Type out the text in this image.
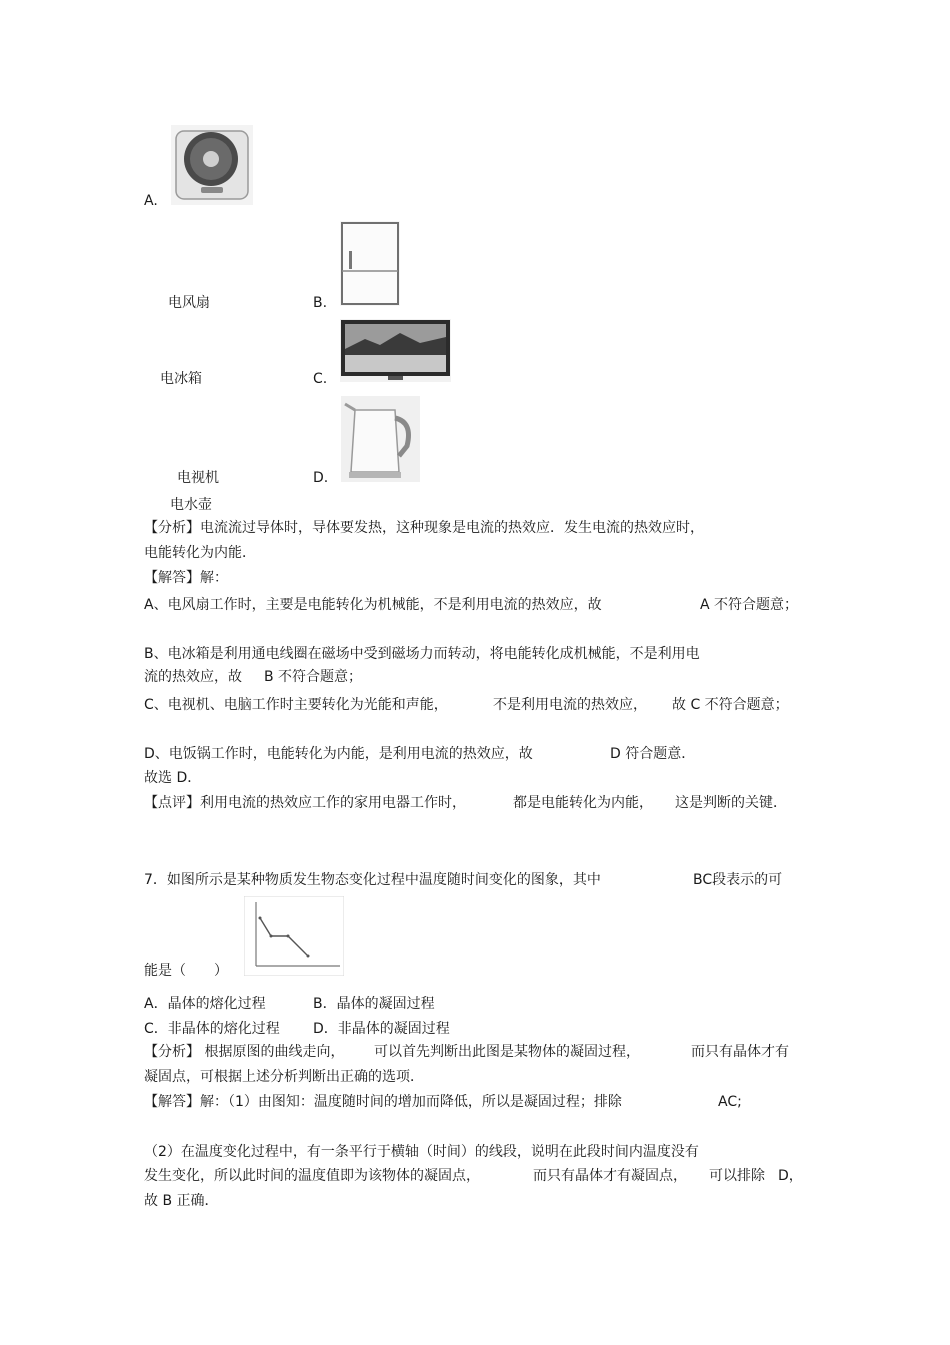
A.
电风扇	B.
电冰箱	C.
电视机	D.
电水壶
【分析】电流流过导体时，导体要发热，这种现象是电流的热效应．发生电流的热效应时，
电能转化为内能．
【解答】解：
A、电风扇工作时，主要是电能转化为机械能，不是利用电流的热效应，故	A 不符合题意；
B、电冰箱是利用通电线圈在磁场中受到磁场力而转动，将电能转化成机械能，不是利用电
流的热效应，故 B 不符合题意；
C、电视机、电脑工作时主要转化为光能和声能，	不是利用电流的热效应， 故 C 不符合题意；
D、电饭锅工作时，电能转化为内能，是利用电流的热效应，故	D 符合题意．
故选 D．
【点评】利用电流的热效应工作的家用电器工作时，	都是电能转化为内能， 这是判断的关键．
7．如图所示是某种物质发生物态变化过程中温度随时间变化的图象，其中	BC段表示的可
能是（　　）
A．晶体的熔化过程	B．晶体的凝固过程
C．非晶体的熔化过程 D．非晶体的凝固过程
【分析】 根据原图的曲线走向， 可以首先判断出此图是某物体的凝固过程，	而只有晶体才有
凝固点，可根据上述分析判断出正确的选项．
【解答】解：（1）由图知：温度随时间的增加而降低，所以是凝固过程；排除	AC;
（2）在温度变化过程中，有一条平行于横轴（时间）的线段，说明在此段时间内温度没有
发生变化，所以此时间的温度值即为该物体的凝固点，	而只有晶体才有凝固点， 可以排除 D，
故 B 正确．
